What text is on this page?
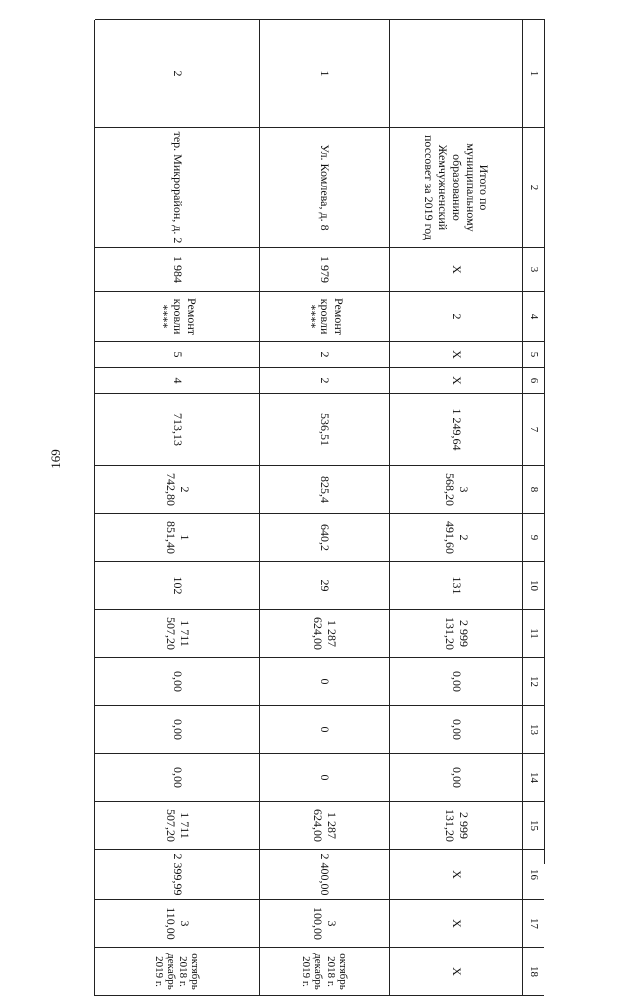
169
1
2
3
4
5
6
7
8
9
10
11
12
13
14
15
16
17
18
Итого по муниципальному образованию Жемчужненский поссовет за 2019 год
Х
2
Х
Х
1 249,64
3 568,20
2 491,60
131
2 999 131,20
0,00
0,00
0,00
2 999 131,20
Х
Х
Х
1
Ул. Комлева, д. 8
1 979
Ремонт кровли ****
2
2
536,51
825,4
640,2
29
1 287 624,00
0
0
0
1 287 624,00
2 400,00
3 100,00
октябрь 2018 г.
декабрь 2019 г.
2
тер. Микрорайон, д. 2
1 984
Ремонт кровли ****
5
4
713,13
2 742,80
1 851,40
102
1 711 507,20
0,00
0,00
0,00
1 711 507,20
2 399,99
3 110,00
октябрь 2018 г.
декабрь 2019 г.
